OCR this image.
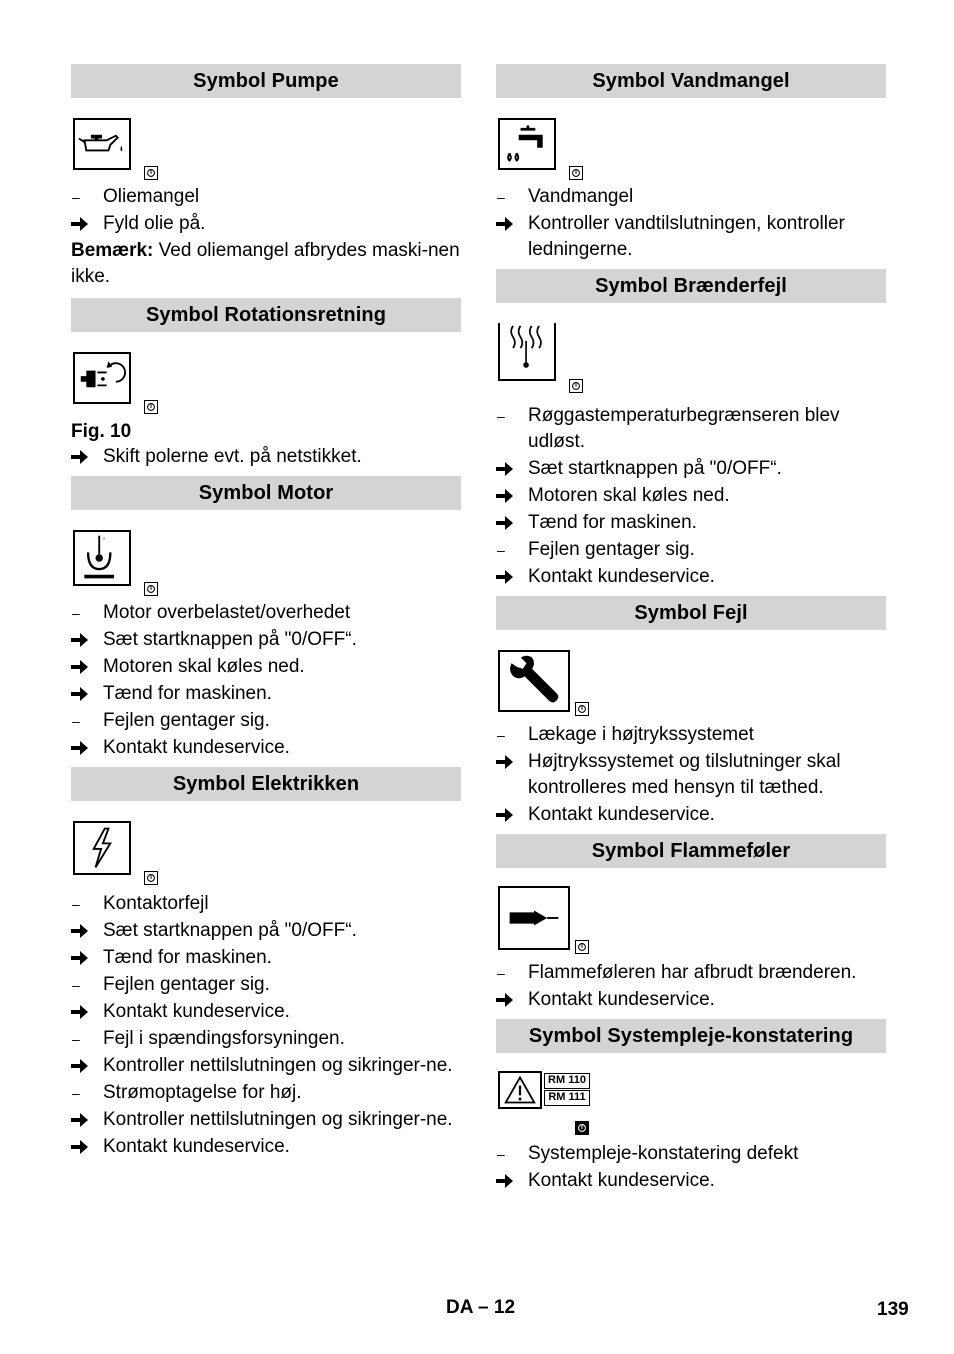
Symbol Pumpe
–	Oliemangel
Fyld olie på.

Bemærk: Ved oliemangel afbrydes maski-nen ikke.

Symbol Rotationsretning
Fig. 10
Skift polerne evt. på netstikket.
Symbol Motor
°
–	Motor overbelastet/overhedet
Sæt startknappen på "0/OFF“.
Motoren skal køles ned.
Tænd for maskinen.
–	Fejlen gentager sig.
Kontakt kundeservice.
Symbol Elektrikken
–	Kontaktorfejl
Sæt startknappen på "0/OFF“.
Tænd for maskinen.
–	Fejlen gentager sig.
Kontakt kundeservice.
–	Fejl i spændingsforsyningen.
Kontroller nettilslutningen og sikringer-ne.
–	Strømoptagelse for høj.
Kontroller nettilslutningen og sikringer-ne.
Kontakt kundeservice.
Symbol Vandmangel
–	Vandmangel
Kontroller vandtilslutningen, kontroller ledningerne.
Symbol Brænderfejl
–	Røggastemperaturbegrænseren blev udløst.
Sæt startknappen på "0/OFF“.
Motoren skal køles ned.
Tænd for maskinen.
–	Fejlen gentager sig.
Kontakt kundeservice.
Symbol Fejl
–	Lækage i højtrykssystemet
Højtrykssystemet og tilslutninger skal kontrolleres med hensyn til tæthed.
Kontakt kundeservice.
Symbol Flammeføler
–	Flammeføleren har afbrudt brænderen.
Kontakt kundeservice.
Symbol Systempleje-konstatering
RM 110
RM 111
–	Systempleje-konstatering defekt
Kontakt kundeservice.
DA – 12	139
